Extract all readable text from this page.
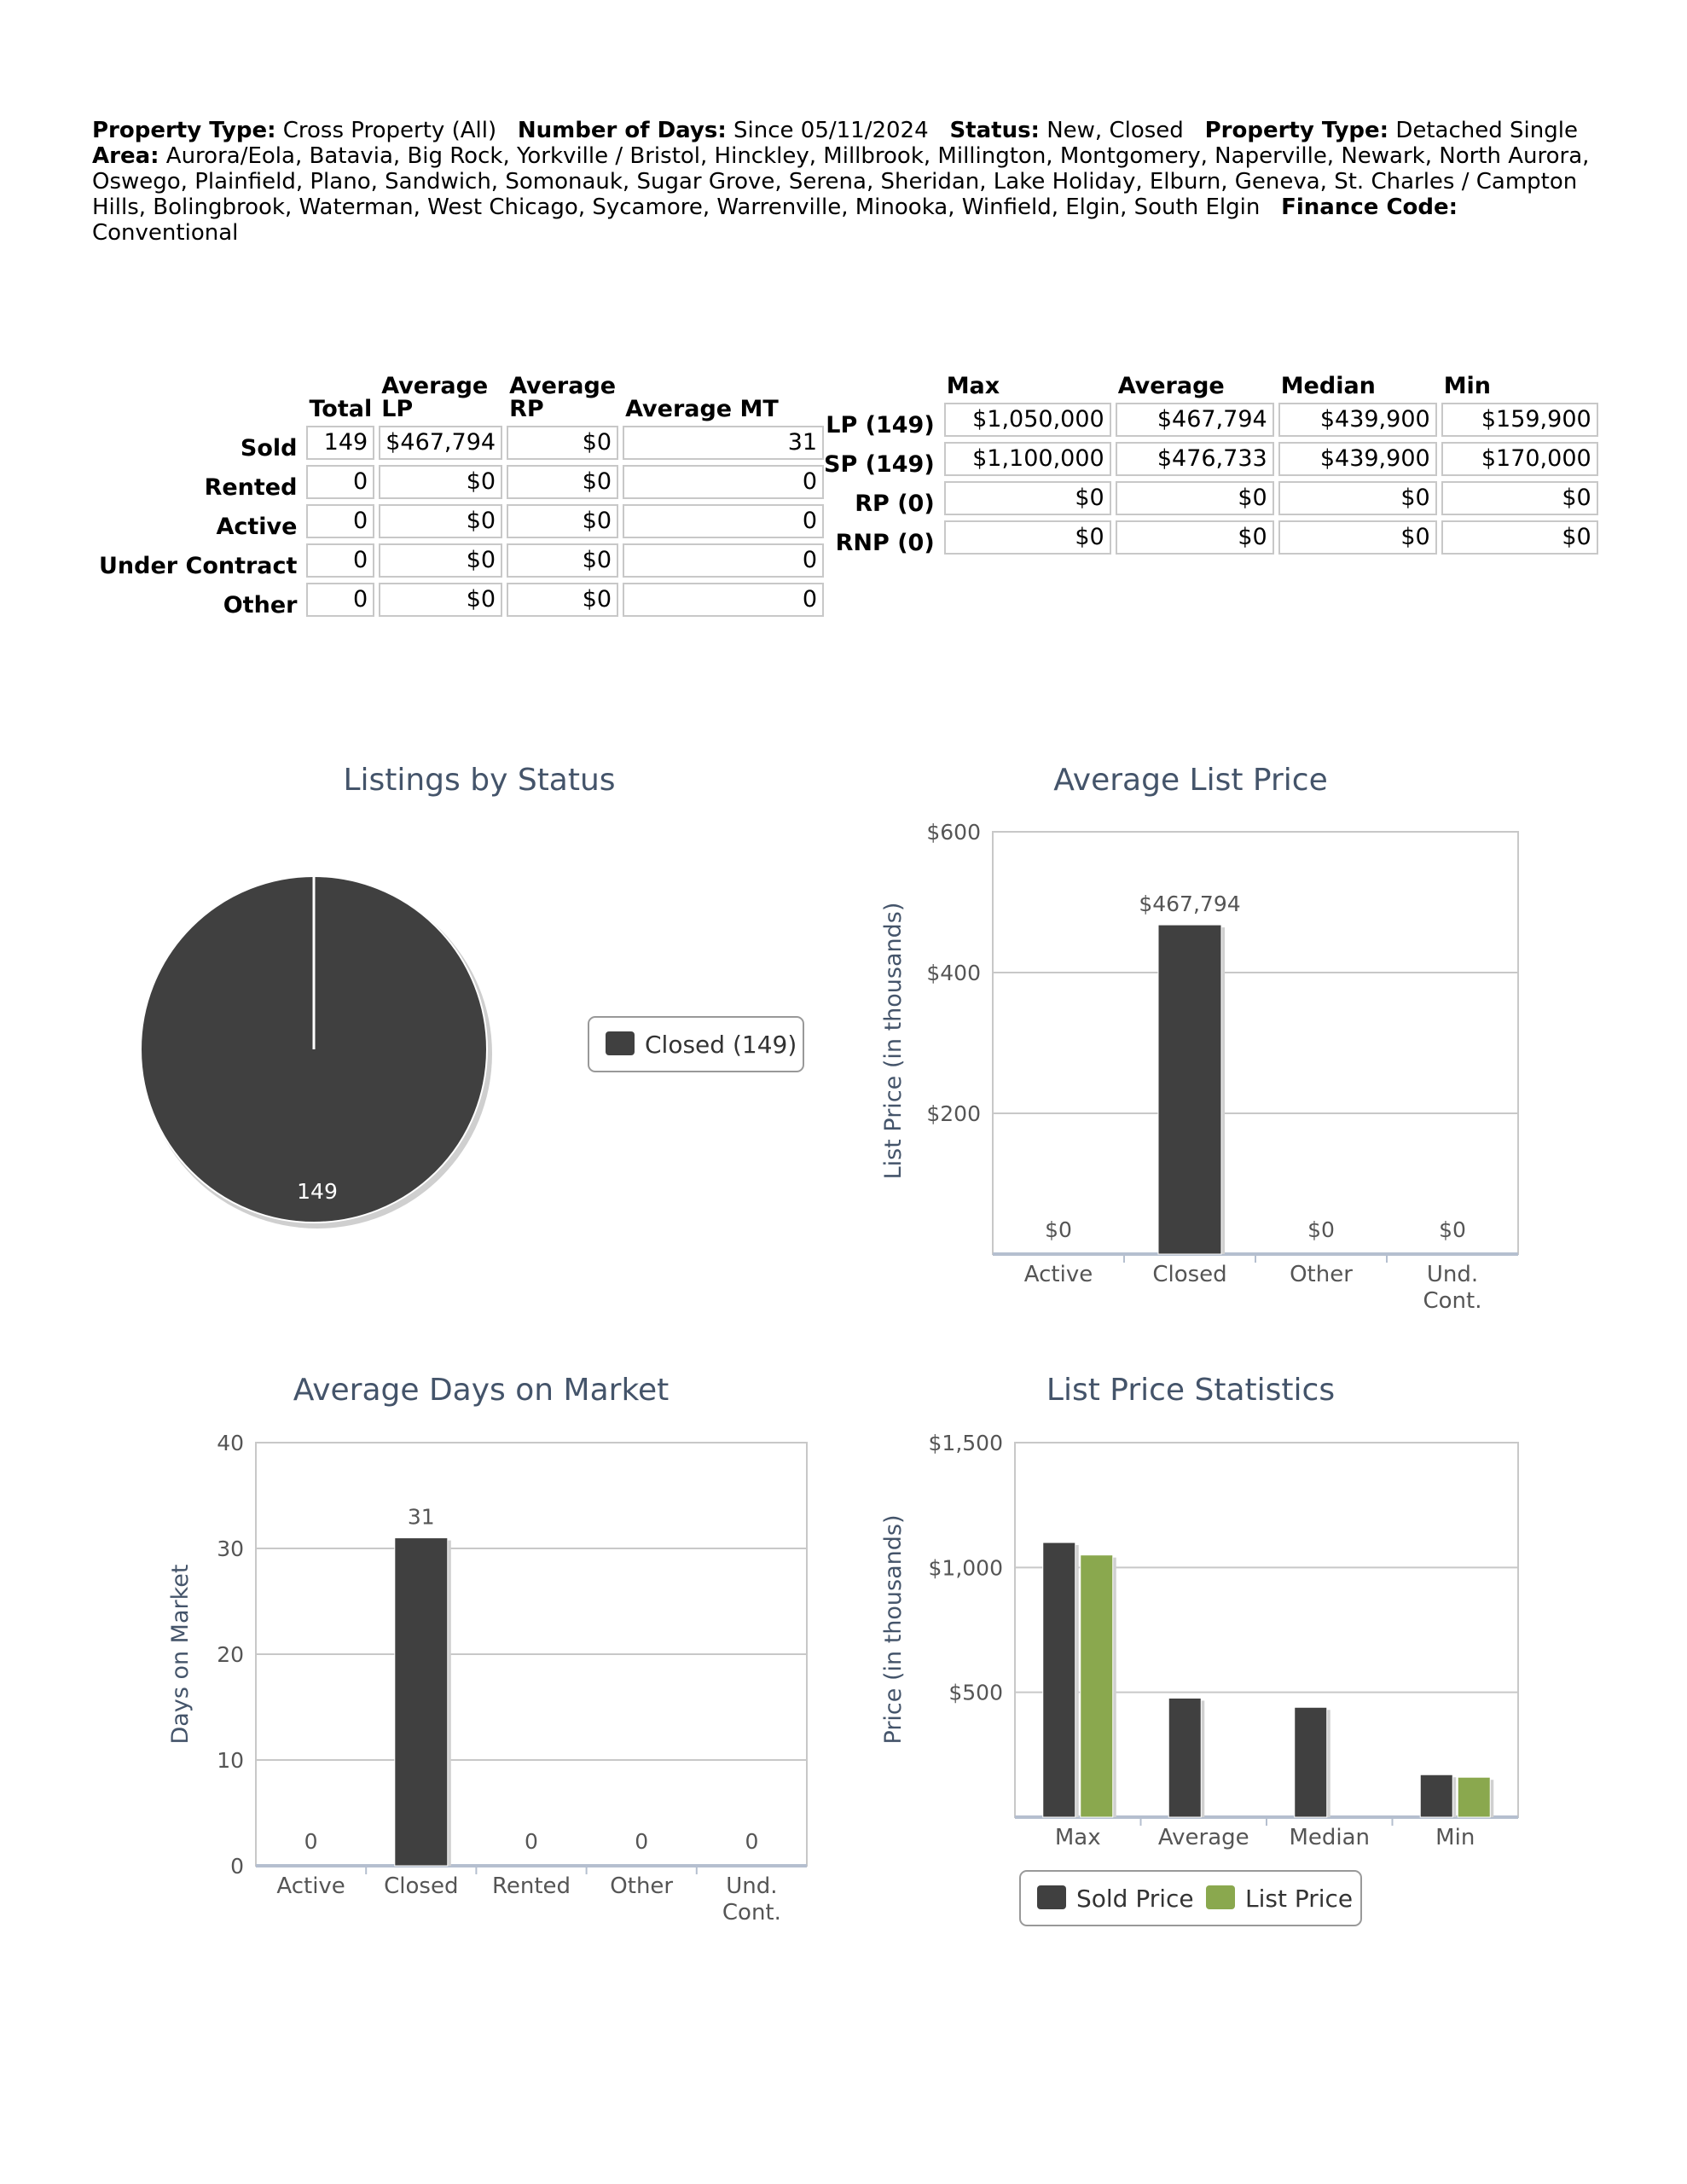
Property Type: Cross Property (All) Number of Days: Since 05/11/2024 Status: New, Closed Property Type: Detached Single Area: Aurora/Eola, Batavia, Big Rock, Yorkville / Bristol, Hinckley, Millbrook, Millington, Montgomery, Naperville, Newark, North Aurora, Oswego, Plainfield, Plano, Sandwich, Somonauk, Sugar Grove, Serena, Sheridan, Lake Holiday, Elburn, Geneva, St. Charles / Campton Hills, Bolingbrook, Waterman, West Chicago, Sycamore, Warrenville, Minooka, Winfield, Elgin, South Elgin Finance Code: Conventional
	Total	Average LP	Average RP	Average MT
Sold	149	$467,794	$0	31
Rented	0	$0	$0	0
Active	0	$0	$0	0
Under Contract	0	$0	$0	0
Other	0	$0	$0	0
	Max	Average	Median	Min
LP (149)	$1,050,000	$467,794	$439,900	$159,900
SP (149)	$1,100,000	$476,733	$439,900	$170,000
RP (0)	$0	$0	$0	$0
RNP (0)	$0	$0	$0	$0
Listings by Status
149
Closed (149)
Average List Price
List Price (in thousands) $200
$400
$600
Active	Closed	Other	Und. Cont.
$0
$467,794
$0	$0
Average Days on Market
Days on Market
0
10
20
30
40
Active Closed Rented Other Und. Cont.
0
31
0	0	0
List Price Statistics
Price (in thousands) $500
$1,000
$1,500
Max	Average Median	Min
Sold Price List Price
